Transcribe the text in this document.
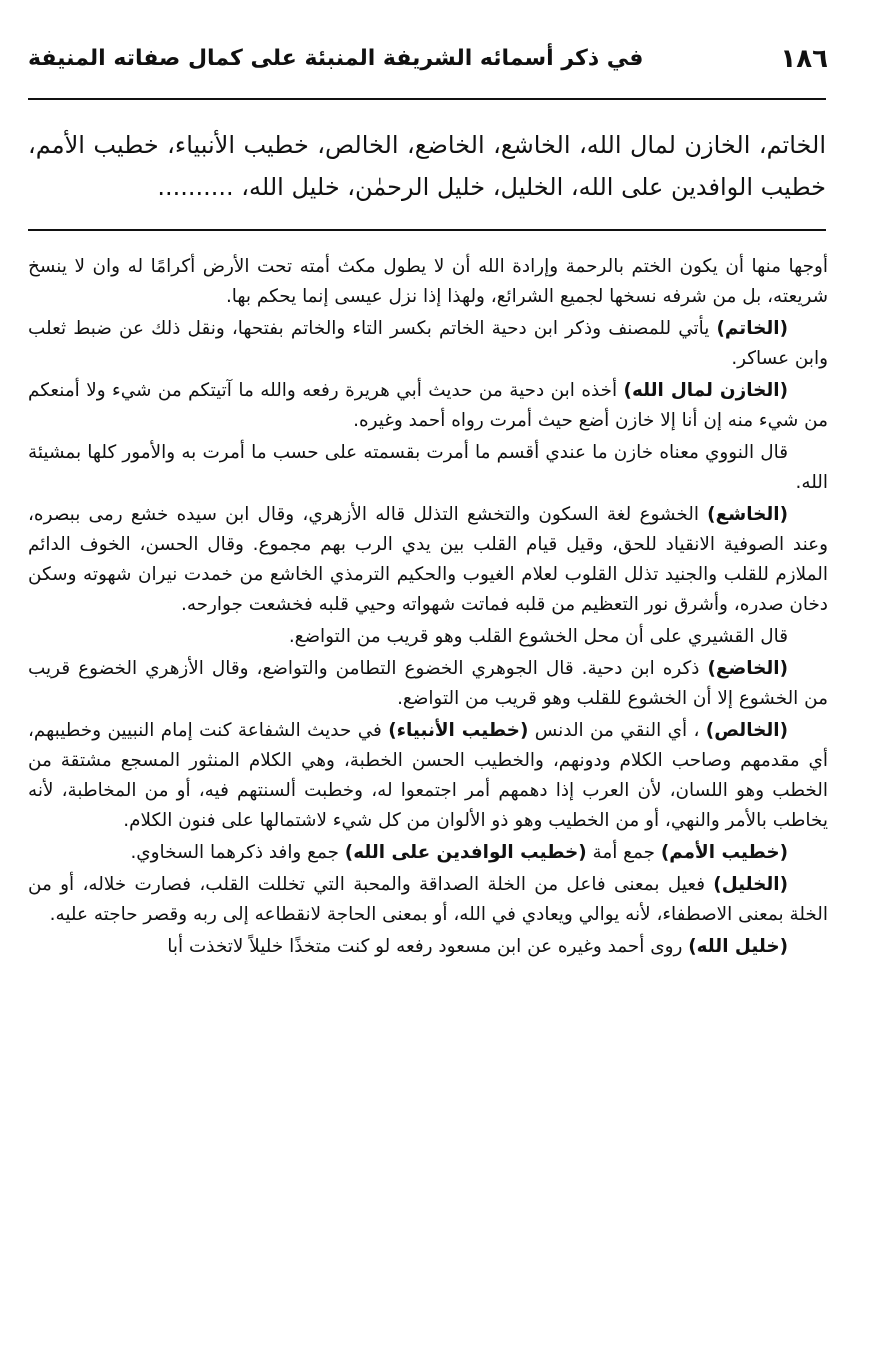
١٨٦
في ذكر أسمائه الشريفة المنبئة على كمال صفاته المنيفة
الخاتم، الخازن لمال الله، الخاشع، الخاضع، الخالص، خطيب الأنبياء، خطيب الأمم، خطيب الوافدين على الله، الخليل، خليل الرحمٰن، خليل الله، ..........

أوجها منها أن يكون الختم بالرحمة وإرادة الله أن لا يطول مكث أمته تحت الأرض أكرامًا له وان لا ينسخ شريعته، بل من شرفه نسخها لجميع الشرائع، ولهذا إذا نزل عيسى إنما يحكم بها.

(الخاتم) يأتي للمصنف وذكر ابن دحية الخاتم بكسر التاء والخاتم بفتحها، ونقل ذلك عن ضبط ثعلب وابن عساكر.

(الخازن لمال الله) أخذه ابن دحية من حديث أبي هريرة رفعه والله ما آتيتكم من شيء ولا أمنعكم من شيء منه إن أنا إلا خازن أضع حيث أمرت رواه أحمد وغيره.

قال النووي معناه خازن ما عندي أقسم ما أمرت بقسمته على حسب ما أمرت به والأمور كلها بمشيئة الله.

(الخاشع) الخشوع لغة السكون والتخشع التذلل قاله الأزهري، وقال ابن سيده خشع رمى ببصره، وعند الصوفية الانقياد للحق، وقيل قيام القلب بين يدي الرب بهم مجموع. وقال الحسن، الخوف الدائم الملازم للقلب والجنيد تذلل القلوب لعلام الغيوب والحكيم الترمذي الخاشع من خمدت نيران شهوته وسكن دخان صدره، وأشرق نور التعظيم من قلبه فماتت شهواته وحيي قلبه فخشعت جوارحه.

قال القشيري على أن محل الخشوع القلب وهو قريب من التواضع.

(الخاضع) ذكره ابن دحية. قال الجوهري الخضوع التطامن والتواضع، وقال الأزهري الخضوع قريب من الخشوع إلا أن الخشوع للقلب وهو قريب من التواضع.

(الخالص) ، أي النقي من الدنس (خطيب الأنبياء) في حديث الشفاعة كنت إمام النبيين وخطيبهم، أي مقدمهم وصاحب الكلام ودونهم، والخطيب الحسن الخطبة، وهي الكلام المنثور المسجع مشتقة من الخطب وهو اللسان، لأن العرب إذا دهمهم أمر اجتمعوا له، وخطبت ألسنتهم فيه، أو من المخاطبة، لأنه يخاطب بالأمر والنهي، أو من الخطيب وهو ذو الألوان من كل شيء لاشتمالها على فنون الكلام.

(خطيب الأمم) جمع أمة (خطيب الوافدين على الله) جمع وافد ذكرهما السخاوي.

(الخليل) فعيل بمعنى فاعل من الخلة الصداقة والمحبة التي تخللت القلب، فصارت خلاله، أو من الخلة بمعنى الاصطفاء، لأنه يوالي ويعادي في الله، أو بمعنى الحاجة لانقطاعه إلى ربه وقصر حاجته عليه.

(خليل الله) روى أحمد وغيره عن ابن مسعود رفعه لو كنت متخذًا خليلاً لاتخذت أبا
